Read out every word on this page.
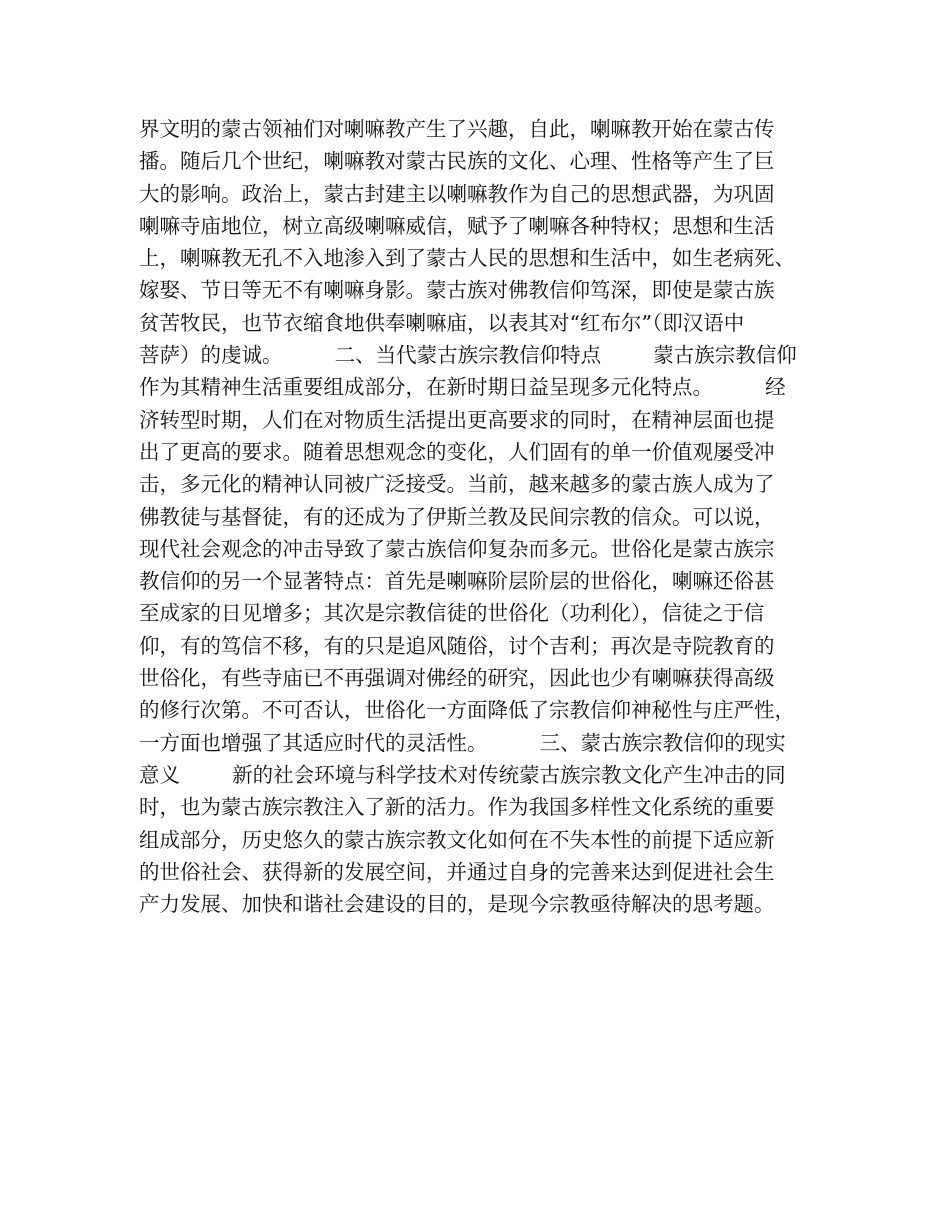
界文明的蒙古领袖们对喇嘛教产生了兴趣，自此，喇嘛教开始在蒙古传
播。随后几个世纪，喇嘛教对蒙古民族的文化、心理、性格等产生了巨
大的影响。政治上，蒙古封建主以喇嘛教作为自己的思想武器，为巩固
喇嘛寺庙地位，树立高级喇嘛威信，赋予了喇嘛各种特权；思想和生活
上，喇嘛教无孔不入地渗入到了蒙古人民的思想和生活中，如生老病死、
嫁娶、节日等无不有喇嘛身影。蒙古族对佛教信仰笃深，即使是蒙古族
贫苦牧民，也节衣缩食地供奉喇嘛庙，以表其对“红布尔”（即汉语中
菩萨）的虔诚。        二、当代蒙古族宗教信仰特点        蒙古族宗教信仰
作为其精神生活重要组成部分，在新时期日益呈现多元化特点。        经
济转型时期，人们在对物质生活提出更高要求的同时，在精神层面也提
出了更高的要求。随着思想观念的变化，人们固有的单一价值观屡受冲
击，多元化的精神认同被广泛接受。当前，越来越多的蒙古族人成为了
佛教徒与基督徒，有的还成为了伊斯兰教及民间宗教的信众。可以说，
现代社会观念的冲击导致了蒙古族信仰复杂而多元。世俗化是蒙古族宗
教信仰的另一个显著特点：首先是喇嘛阶层阶层的世俗化，喇嘛还俗甚
至成家的日见增多；其次是宗教信徒的世俗化（功利化），信徒之于信
仰，有的笃信不移，有的只是追风随俗，讨个吉利；再次是寺院教育的
世俗化，有些寺庙已不再强调对佛经的研究，因此也少有喇嘛获得高级
的修行次第。不可否认，世俗化一方面降低了宗教信仰神秘性与庄严性，
一方面也增强了其适应时代的灵活性。        三、蒙古族宗教信仰的现实
意义        新的社会环境与科学技术对传统蒙古族宗教文化产生冲击的同
时，也为蒙古族宗教注入了新的活力。作为我国多样性文化系统的重要
组成部分，历史悠久的蒙古族宗教文化如何在不失本性的前提下适应新
的世俗社会、获得新的发展空间，并通过自身的完善来达到促进社会生
产力发展、加快和谐社会建设的目的，是现今宗教亟待解决的思考题。
